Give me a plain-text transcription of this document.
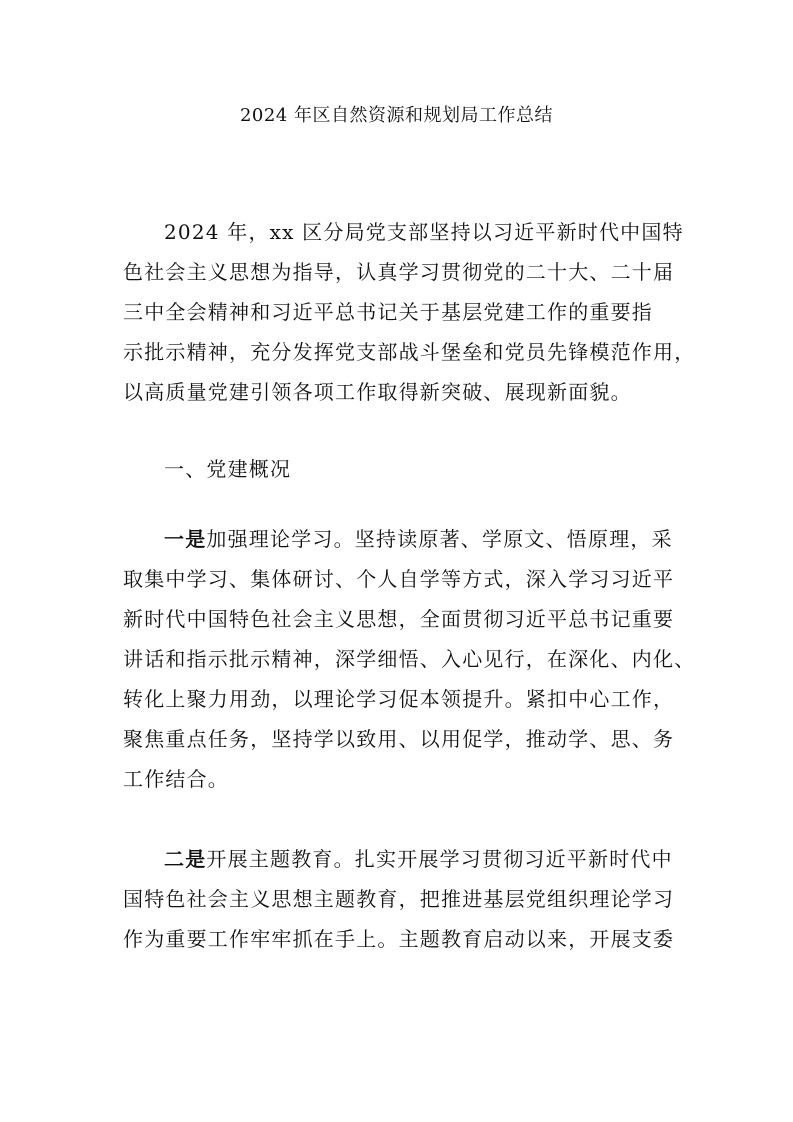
2024 年区自然资源和规划局工作总结

2024 年，xx 区分局党支部坚持以习近平新时代中国特

色社会主义思想为指导，认真学习贯彻党的二十大、二十届

三中全会精神和习近平总书记关于基层党建工作的重要指

示批示精神，充分发挥党支部战斗堡垒和党员先锋模范作用，

以高质量党建引领各项工作取得新突破、展现新面貌。

一、党建概况

一是加强理论学习。坚持读原著、学原文、悟原理，采

取集中学习、集体研讨、个人自学等方式，深入学习习近平

新时代中国特色社会主义思想，全面贯彻习近平总书记重要

讲话和指示批示精神，深学细悟、入心见行，在深化、内化、

转化上聚力用劲，以理论学习促本领提升。紧扣中心工作，

聚焦重点任务，坚持学以致用、以用促学，推动学、思、务

工作结合。

二是开展主题教育。扎实开展学习贯彻习近平新时代中

国特色社会主义思想主题教育，把推进基层党组织理论学习

作为重要工作牢牢抓在手上。主题教育启动以来，开展支委
